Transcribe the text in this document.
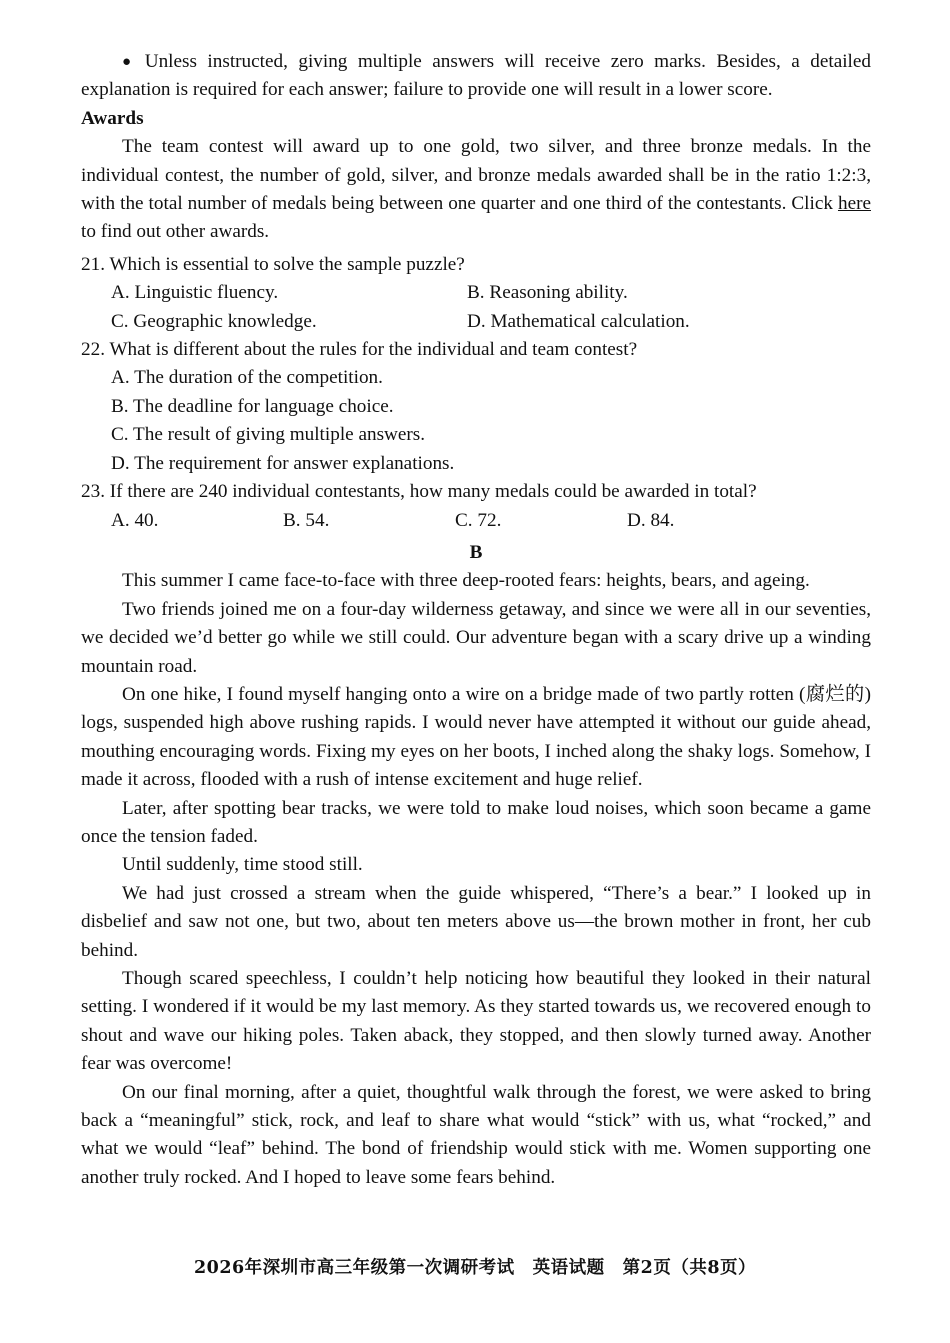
● Unless instructed, giving multiple answers will receive zero marks. Besides, a detailed explanation is required for each answer; failure to provide one will result in a lower score.

Awards

The team contest will award up to one gold, two silver, and three bronze medals. In the individual contest, the number of gold, silver, and bronze medals awarded shall be in the ratio 1:2:3, with the total number of medals being between one quarter and one third of the contestants. Click here to find out other awards.

21. Which is essential to solve the sample puzzle?

A. Linguistic fluency.	B. Reasoning ability.
C. Geographic knowledge.	D. Mathematical calculation.

22. What is different about the rules for the individual and team contest?

A. The duration of the competition.

B. The deadline for language choice.

C. The result of giving multiple answers.

D. The requirement for answer explanations.

23. If there are 240 individual contestants, how many medals could be awarded in total?

A. 40.	B. 54.	C. 72.	D. 84.

B

This summer I came face-to-face with three deep-rooted fears: heights, bears, and ageing.

Two friends joined me on a four-day wilderness getaway, and since we were all in our seventies, we decided we’d better go while we still could. Our adventure began with a scary drive up a winding mountain road.

On one hike, I found myself hanging onto a wire on a bridge made of two partly rotten (腐烂的) logs, suspended high above rushing rapids. I would never have attempted it without our guide ahead, mouthing encouraging words. Fixing my eyes on her boots, I inched along the shaky logs. Somehow, I made it across, flooded with a rush of intense excitement and huge relief.

Later, after spotting bear tracks, we were told to make loud noises, which soon became a game once the tension faded.

Until suddenly, time stood still.

We had just crossed a stream when the guide whispered, “There’s a bear.” I looked up in disbelief and saw not one, but two, about ten meters above us—the brown mother in front, her cub behind.

Though scared speechless, I couldn’t help noticing how beautiful they looked in their natural setting. I wondered if it would be my last memory. As they started towards us, we recovered enough to shout and wave our hiking poles. Taken aback, they stopped, and then slowly turned away. Another fear was overcome!

On our final morning, after a quiet, thoughtful walk through the forest, we were asked to bring back a “meaningful” stick, rock, and leaf to share what would “stick” with us, what “rocked,” and what we would “leaf” behind. The bond of friendship would stick with me. Women supporting one another truly rocked. And I hoped to leave some fears behind.

2026年深圳市高三年级第一次调研考试　英语试题　第2页（共8页）
